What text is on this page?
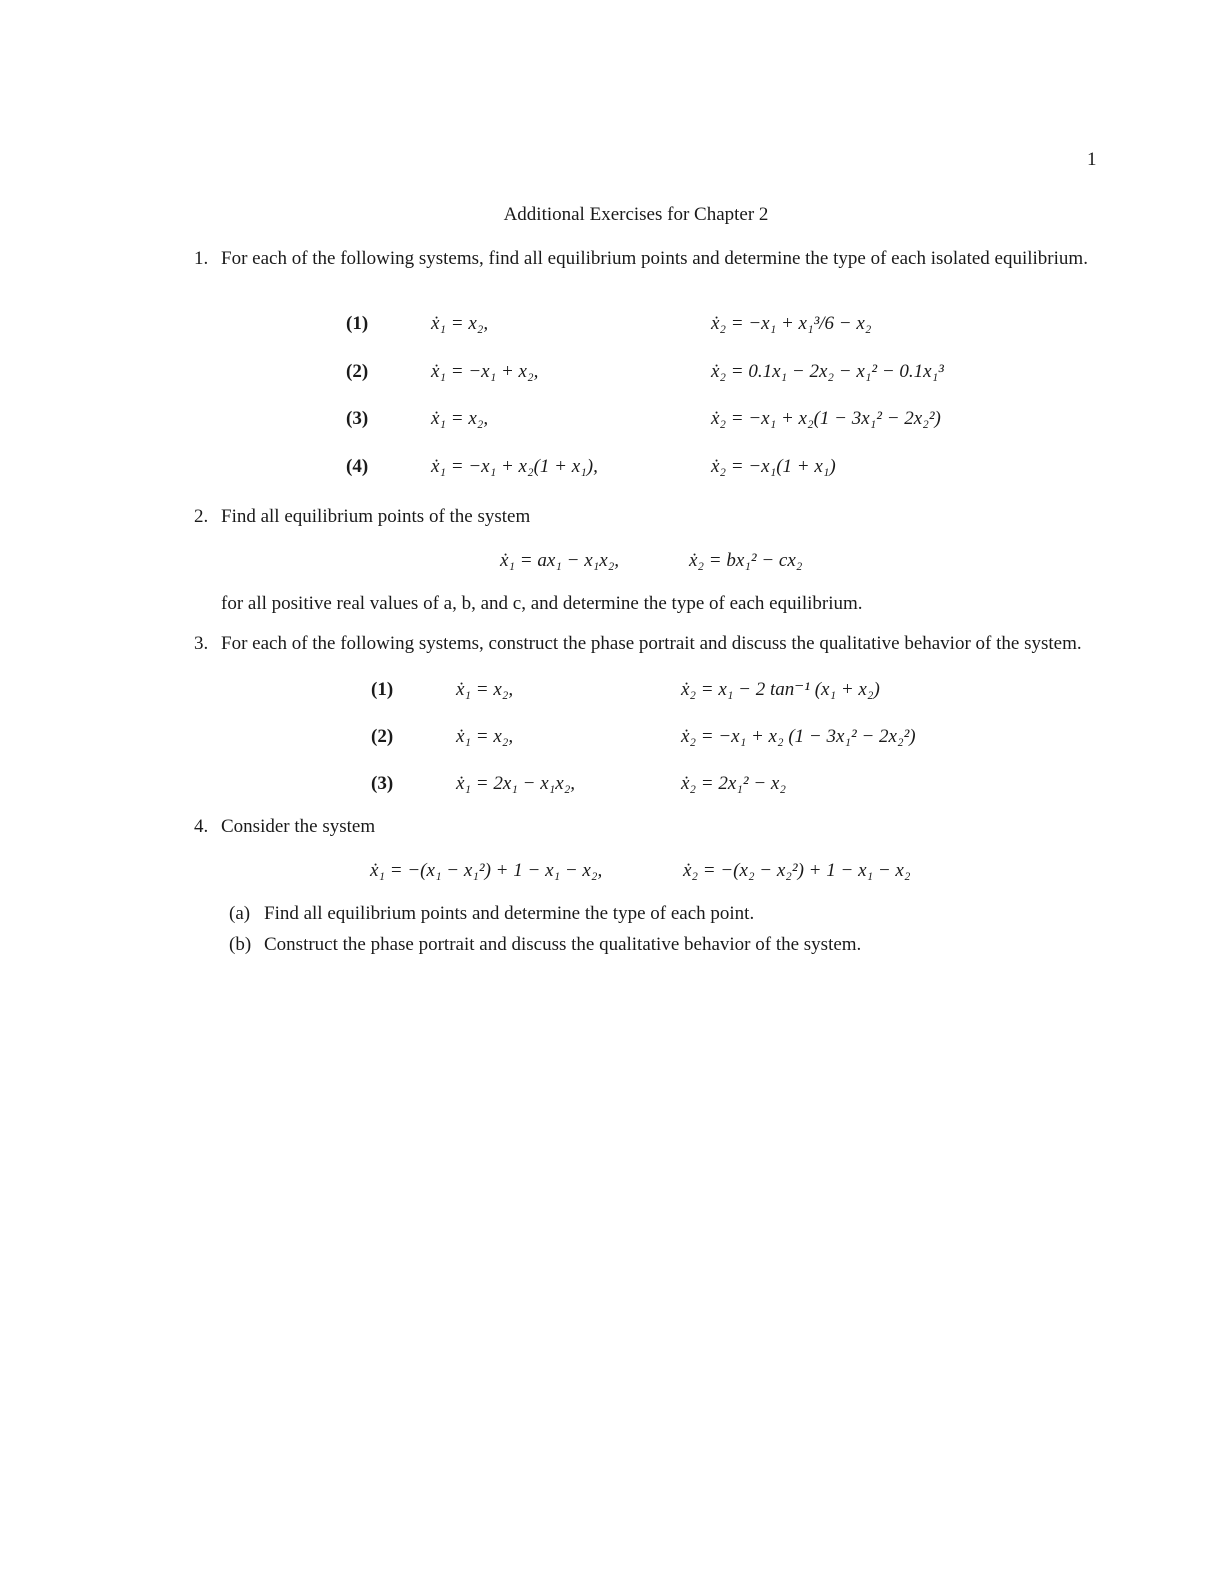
1
Additional Exercises for Chapter 2
1. For each of the following systems, find all equilibrium points and determine the type of each isolated equilibrium.
(1)	ẋ₁ = x₂,	ẋ₂ = −x₁ + x₁³/6 − x₂
(2)	ẋ₁ = −x₁ + x₂,	ẋ₂ = 0.1x₁ − 2x₂ − x₁² − 0.1x₁³
(3)	ẋ₁ = x₂,	ẋ₂ = −x₁ + x₂(1 − 3x₁² − 2x₂²)
(4)	ẋ₁ = −x₁ + x₂(1 + x₁),	ẋ₂ = −x₁(1 + x₁)
2. Find all equilibrium points of the system
ẋ₁ = ax₁ − x₁x₂,	ẋ₂ = bx₁² − cx₂
for all positive real values of a, b, and c, and determine the type of each equilibrium.
3. For each of the following systems, construct the phase portrait and discuss the qualitative behavior of the system.
(1)	ẋ₁ = x₂,	ẋ₂ = x₁ − 2 tan⁻¹ (x₁ + x₂)
(2)	ẋ₁ = x₂,	ẋ₂ = −x₁ + x₂ (1 − 3x₁² − 2x₂²)
(3)	ẋ₁ = 2x₁ − x₁x₂,	ẋ₂ = 2x₁² − x₂
4. Consider the system
ẋ₁ = −(x₁ − x₁²) + 1 − x₁ − x₂,	ẋ₂ = −(x₂ − x₂²) + 1 − x₁ − x₂
(a) Find all equilibrium points and determine the type of each point.
(b) Construct the phase portrait and discuss the qualitative behavior of the system.
